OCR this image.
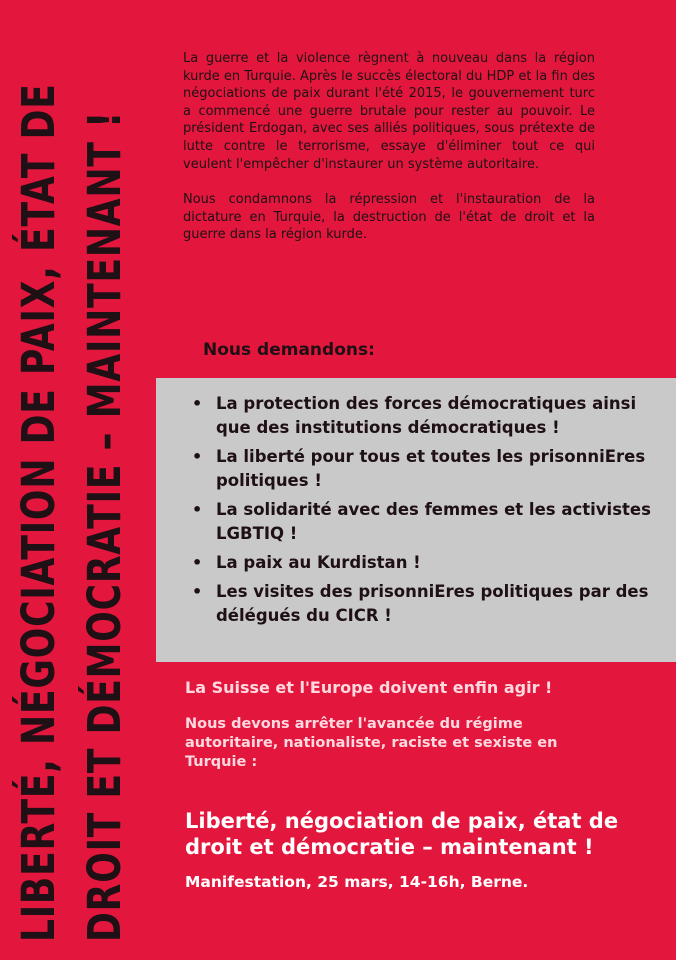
LIBERTÉ, NÉGOCIATION DE PAIX, ÉTAT DE DROIT ET DÉMOCRATIE – MAINTENANT !

La guerre et la violence règnent à nouveau dans la région kurde en Turquie. Après le succès électoral du HDP et la fin des négociations de paix durant l'été 2015, le gouvernement turc a commencé une guerre brutale pour rester au pouvoir. Le président Erdogan, avec ses alliés politiques, sous prétexte de lutte contre le terrorisme, essaye d'éliminer tout ce qui veulent l'empêcher d'instaurer un système autoritaire.

Nous condamnons la répression et l'instauration de la dictature en Turquie, la destruction de l'état de droit et la guerre dans la région kurde.

Nous demandons:
• La protection des forces démocratiques ainsi que des institutions démocratiques !
• La liberté pour tous et toutes les prisonniEres politiques !
• La solidarité avec des femmes et les activistes LGBTIQ !
• La paix au Kurdistan !
• Les visites des prisonniEres politiques par des délégués du CICR !

La Suisse et l'Europe doivent enfin agir !

Nous devons arrêter l'avancée du régime autoritaire, nationaliste, raciste et sexiste en Turquie :

Liberté, négociation de paix, état de droit et démocratie – maintenant !

Manifestation, 25 mars, 14-16h, Berne.
